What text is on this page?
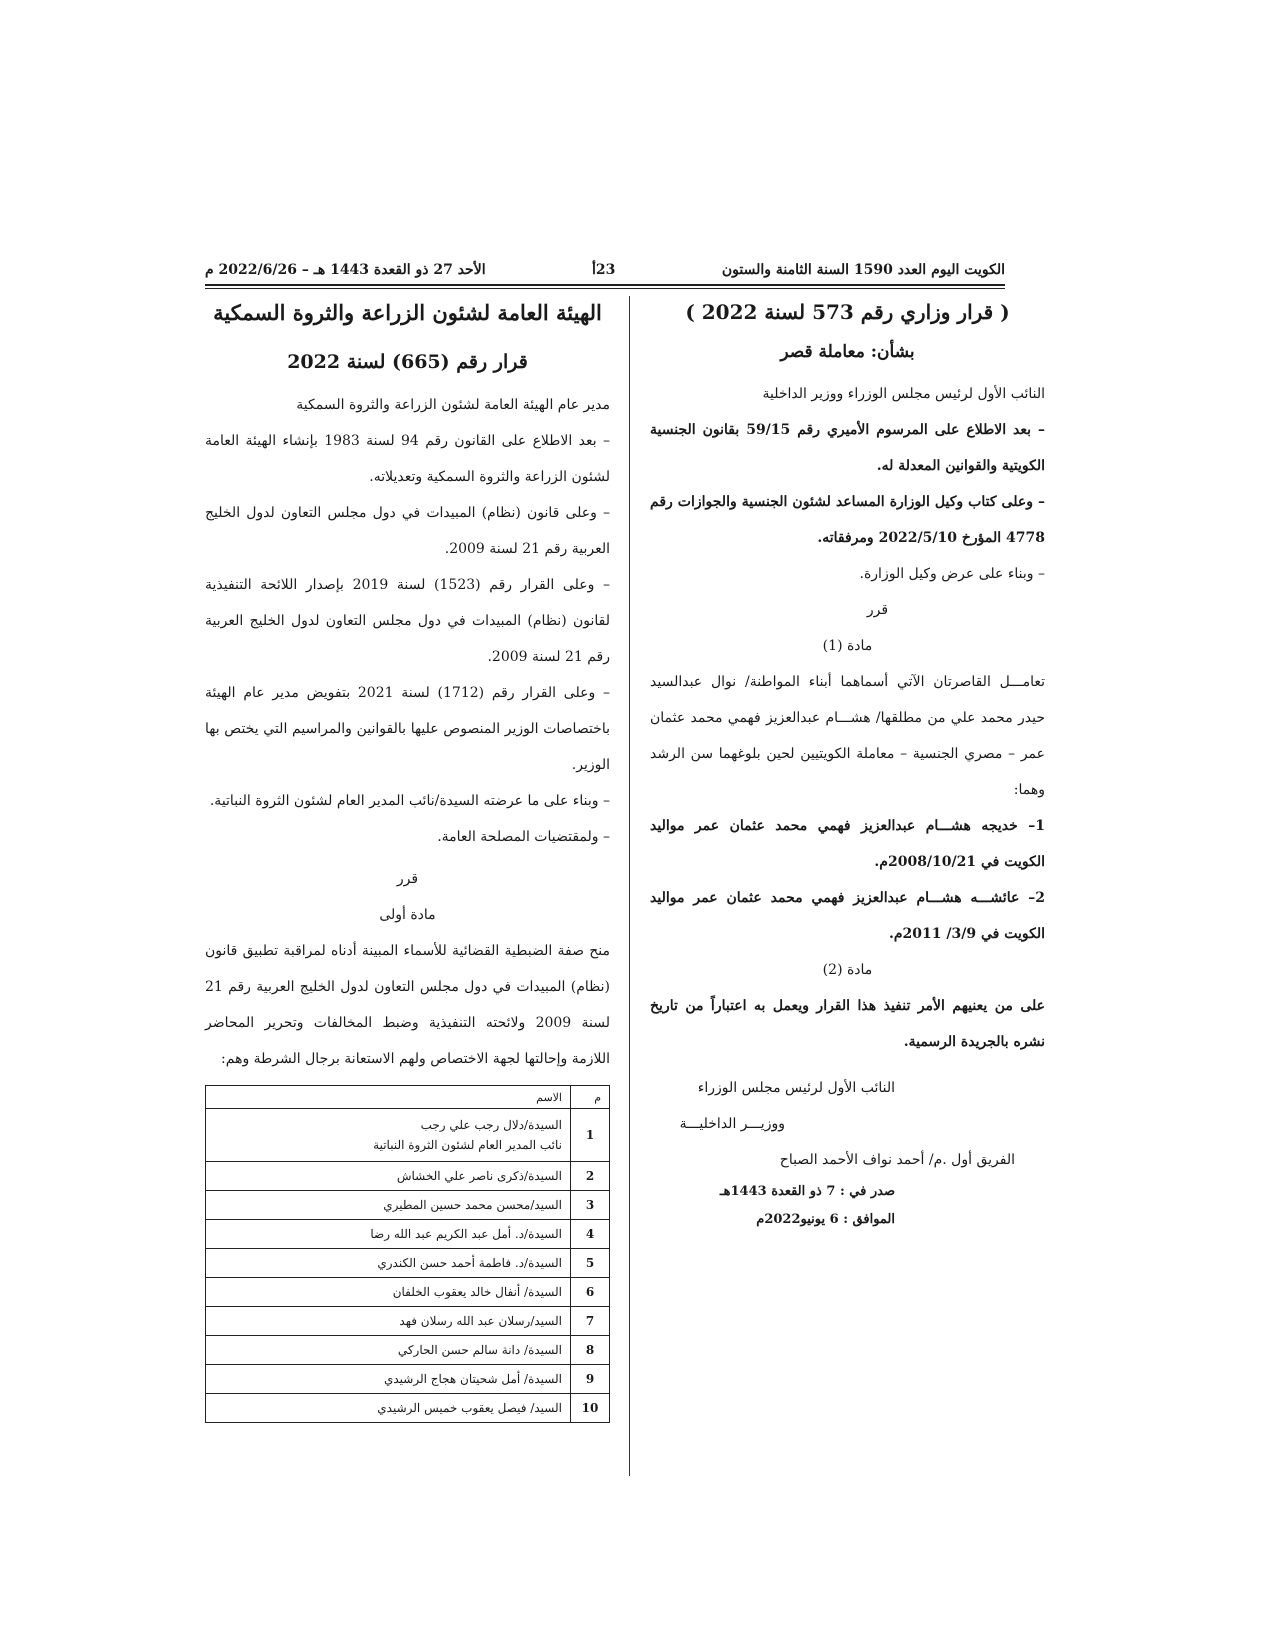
الكويت اليوم العدد 1590 السنة الثامنة والستون
23أ
الأحد 27 ذو القعدة 1443 هـ – 2022/6/26 م

( قرار وزاري رقم 573 لسنة 2022 )

بشأن: معاملة قصر

النائب الأول لرئيس مجلس الوزراء ووزير الداخلية

– بعد الاطلاع على المرسوم الأميري رقم 59/15 بقانون الجنسية الكويتية والقوانين المعدلة له.

– وعلى كتاب وكيل الوزارة المساعد لشئون الجنسية والجوازات رقم 4778 المؤرخ 2022/5/10 ومرفقاته.

– وبناء على عرض وكيل الوزارة.

قرر

مادة (1)

تعامـــل القاصرتان الآتي أسماهما أبناء المواطنة/ نوال عبدالسيد حيدر محمد علي من مطلقها/ هشـــام عبدالعزيز فهمي محمد عثمان عمر – مصري الجنسية – معاملة الكويتيين لحين بلوغهما سن الرشد وهما:

1– خديجه هشـــام عبدالعزيز فهمي محمد عثمان عمر مواليد الكويت في 2008/10/21م.

2– عائشـــه هشـــام عبدالعزيز فهمي محمد عثمان عمر مواليد الكويت في 3/9/ 2011م.

مادة (2)

على من يعنيهم الأمر تنفيذ هذا القرار ويعمل به اعتباراً من تاريخ نشره بالجريدة الرسمية.

النائب الأول لرئيس مجلس الوزراء

ووزيـــر الداخليـــة

الفريق أول .م/ أحمد نواف الأحمد الصباح

صدر في : 7 ذو القعدة 1443هـ

الموافق : 6 يونيو2022م

الهيئة العامة لشئون الزراعة والثروة السمكية

قرار رقم (665) لسنة 2022

مدير عام الهيئة العامة لشئون الزراعة والثروة السمكية

– بعد الاطلاع على القانون رقم 94 لسنة 1983 بإنشاء الهيئة العامة لشئون الزراعة والثروة السمكية وتعديلاته.

– وعلى قانون (نظام) المبيدات في دول مجلس التعاون لدول الخليج العربية رقم 21 لسنة 2009.

– وعلى القرار رقم (1523) لسنة 2019 بإصدار اللائحة التنفيذية لقانون (نظام) المبيدات في دول مجلس التعاون لدول الخليج العربية رقم 21 لسنة 2009.

– وعلى القرار رقم (1712) لسنة 2021 بتفويض مدير عام الهيئة باختصاصات الوزير المنصوص عليها بالقوانين والمراسيم التي يختص بها الوزير.

– وبناء على ما عرضته السيدة/نائب المدير العام لشئون الثروة النباتية.

– ولمقتضيات المصلحة العامة.

قرر

مادة أولى

منح صفة الضبطية القضائية للأسماء المبينة أدناه لمراقبة تطبيق قانون (نظام) المبيدات في دول مجلس التعاون لدول الخليج العربية رقم 21 لسنة 2009 ولائحته التنفيذية وضبط المخالفات وتحرير المحاضر اللازمة وإحالتها لجهة الاختصاص ولهم الاستعانة برجال الشرطة وهم:

م	الاسم
1	السيدة/دلال رجب علي رجب
نائب المدير العام لشئون الثروة النباتية

2	السيدة/ذكرى ناصر علي الخشاش
3	السيد/محسن محمد حسين المطيري
4	السيدة/د. أمل عبد الكريم عبد الله رضا
5	السيدة/د. فاطمة أحمد حسن الكندري
6	السيدة/ أنفال خالد يعقوب الخلفان
7	السيد/رسلان عبد الله رسلان فهد
8	السيدة/ دانة سالم حسن الحاركي
9	السيدة/ أمل شحيتان هجاج الرشيدي
10	السيد/ فيصل يعقوب خميس الرشيدي
